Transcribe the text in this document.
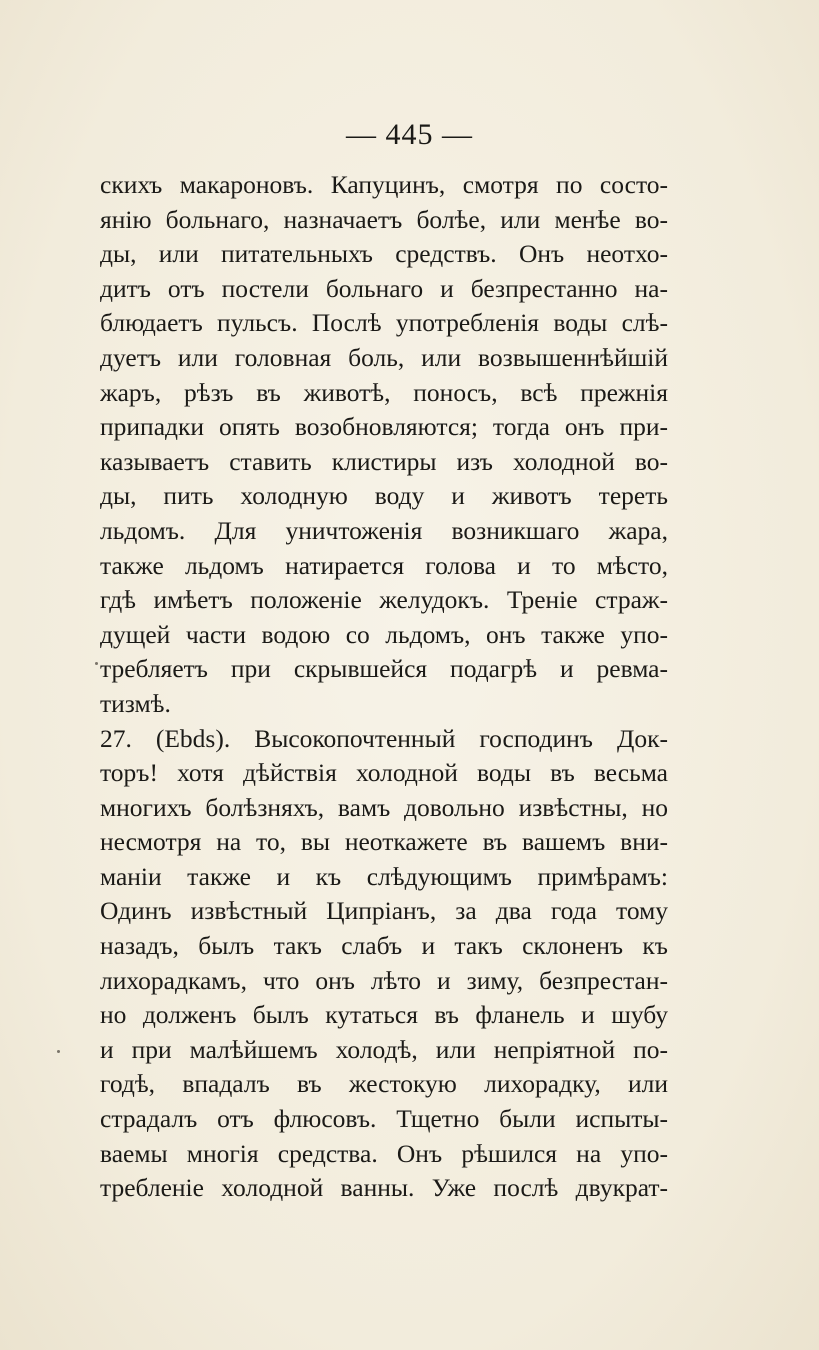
— 445 —
скихъ макароновъ. Капуцинъ, смотря по состо-
янію больнаго, назначаетъ болѣе, или менѣе во-
ды, или питательныхъ средствъ. Онъ неотхо-
дитъ отъ постели больнаго и безпрестанно на-
блюдаетъ пульсъ. Послѣ употребленія воды слѣ-
дуетъ или головная боль, или возвышеннѣйшій
жаръ, рѣзъ въ животѣ, поносъ, всѣ прежнія
припадки опять возобновляются; тогда онъ при-
казываетъ ставить клистиры изъ холодной во-
ды, пить холодную воду и животъ тереть
льдомъ. Для уничтоженія возникшаго жара,
также льдомъ натирается голова и то мѣсто,
гдѣ имѣетъ положеніе желудокъ. Треніе страж-
дущей части водою со льдомъ, онъ также упо-
требляетъ при скрывшейся подагрѣ и ревма-
тизмѣ.
27. (Ebds). Высокопочтенный господинъ Док-
торъ! хотя дѣйствія холодной воды въ весьма
многихъ болѣзняхъ, вамъ довольно извѣстны, но
несмотря на то, вы неоткажете въ вашемъ вни-
маніи также и къ слѣдующимъ примѣрамъ:
Одинъ извѣстный Ципріанъ, за два года тому
назадъ, былъ такъ слабъ и такъ склоненъ къ
лихорадкамъ, что онъ лѣто и зиму, безпрестан-
но долженъ былъ кутаться въ фланель и шубу
и при малѣйшемъ холодѣ, или непріятной по-
годѣ, впадалъ въ жестокую лихорадку, или
страдалъ отъ флюсовъ. Тщетно были испыты-
ваемы многія средства. Онъ рѣшился на упо-
требленіе холодной ванны. Уже послѣ двукрат-
